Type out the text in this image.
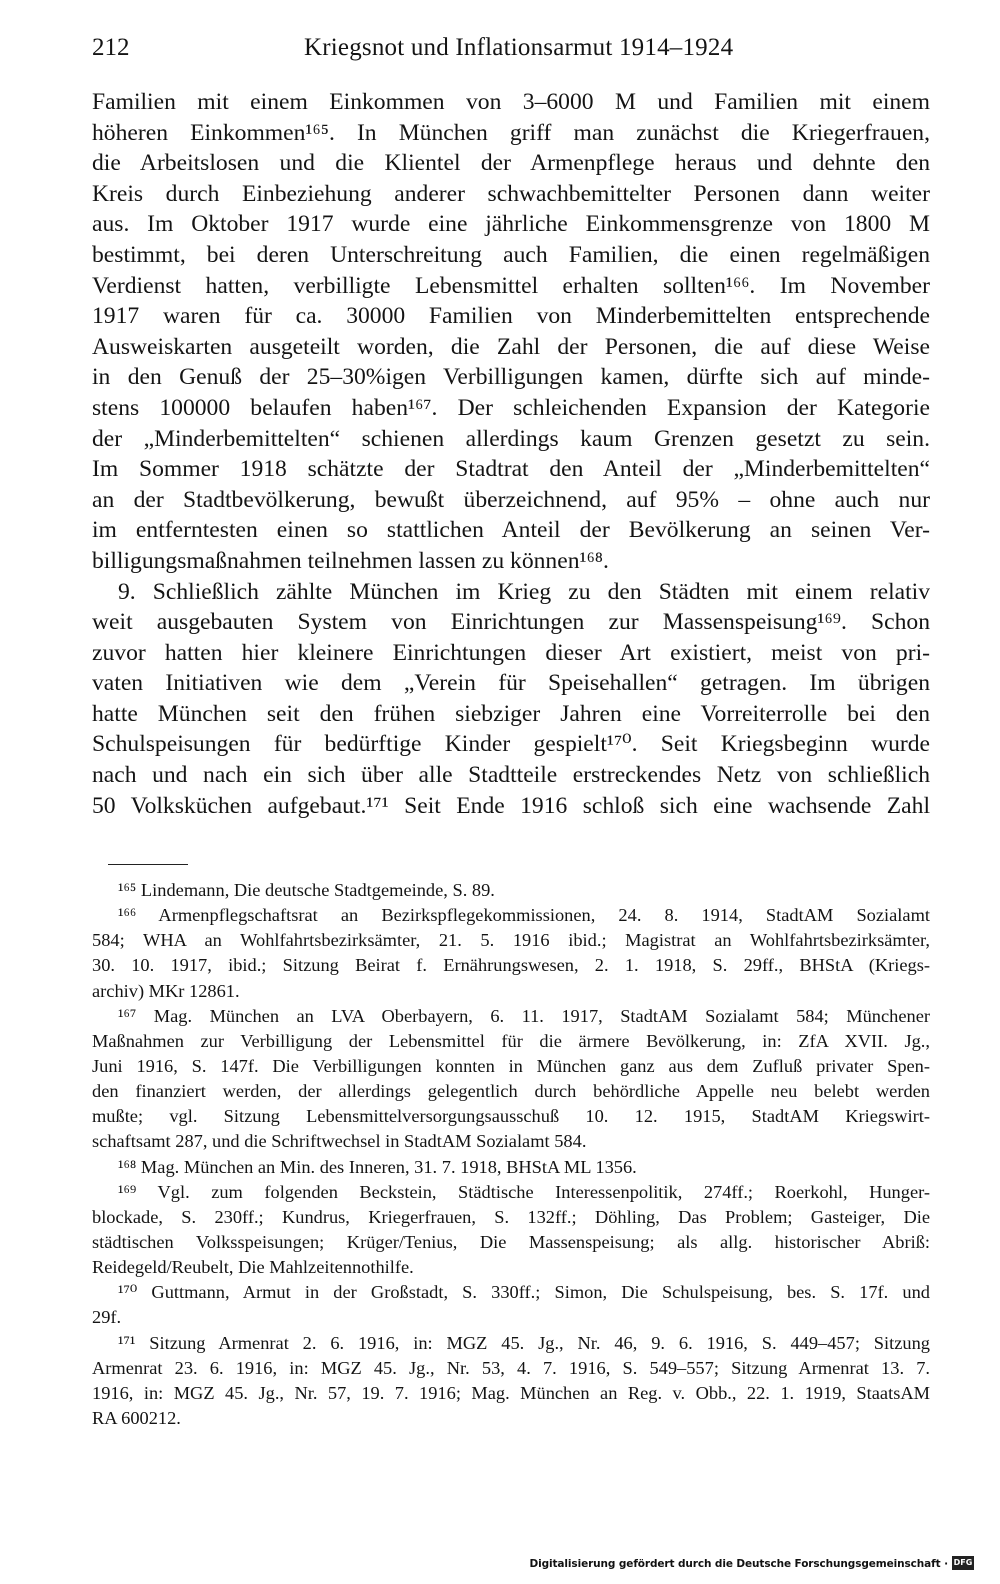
212	Kriegsnot und Inflationsarmut 1914–1924
Familien mit einem Einkommen von 3–6000 M und Familien mit einem
höheren Einkommen¹⁶⁵. In München griff man zunächst die Kriegerfrauen,
die Arbeitslosen und die Klientel der Armenpflege heraus und dehnte den
Kreis durch Einbeziehung anderer schwachbemittelter Personen dann weiter
aus. Im Oktober 1917 wurde eine jährliche Einkommensgrenze von 1800 M
bestimmt, bei deren Unterschreitung auch Familien, die einen regelmäßigen
Verdienst hatten, verbilligte Lebensmittel erhalten sollten¹⁶⁶. Im November
1917 waren für ca. 30000 Familien von Minderbemittelten entsprechende
Ausweiskarten ausgeteilt worden, die Zahl der Personen, die auf diese Weise
in den Genuß der 25–30%igen Verbilligungen kamen, dürfte sich auf minde-
stens 100000 belaufen haben¹⁶⁷. Der schleichenden Expansion der Kategorie
der „Minderbemittelten“ schienen allerdings kaum Grenzen gesetzt zu sein.
Im Sommer 1918 schätzte der Stadtrat den Anteil der „Minderbemittelten“
an der Stadtbevölkerung, bewußt überzeichnend, auf 95% – ohne auch nur
im entferntesten einen so stattlichen Anteil der Bevölkerung an seinen Ver-
billigungsmaßnahmen teilnehmen lassen zu können¹⁶⁸.
9. Schließlich zählte München im Krieg zu den Städten mit einem relativ
weit ausgebauten System von Einrichtungen zur Massenspeisung¹⁶⁹. Schon
zuvor hatten hier kleinere Einrichtungen dieser Art existiert, meist von pri-
vaten Initiativen wie dem „Verein für Speisehallen“ getragen. Im übrigen
hatte München seit den frühen siebziger Jahren eine Vorreiterrolle bei den
Schulspeisungen für bedürftige Kinder gespielt¹⁷⁰. Seit Kriegsbeginn wurde
nach und nach ein sich über alle Stadtteile erstreckendes Netz von schließlich
50 Volksküchen aufgebaut.¹⁷¹ Seit Ende 1916 schloß sich eine wachsende Zahl
¹⁶⁵ Lindemann, Die deutsche Stadtgemeinde, S. 89.
¹⁶⁶ Armenpflegschaftsrat an Bezirkspflegekommissionen, 24. 8. 1914, StadtAM Sozialamt
584; WHA an Wohlfahrtsbezirksämter, 21. 5. 1916 ibid.; Magistrat an Wohlfahrtsbezirksämter,
30. 10. 1917, ibid.; Sitzung Beirat f. Ernährungswesen, 2. 1. 1918, S. 29ff., BHStA (Kriegs-
archiv) MKr 12861.
¹⁶⁷ Mag. München an LVA Oberbayern, 6. 11. 1917, StadtAM Sozialamt 584; Münchener
Maßnahmen zur Verbilligung der Lebensmittel für die ärmere Bevölkerung, in: ZfA XVII. Jg.,
Juni 1916, S. 147f. Die Verbilligungen konnten in München ganz aus dem Zufluß privater Spen-
den finanziert werden, der allerdings gelegentlich durch behördliche Appelle neu belebt werden
mußte; vgl. Sitzung Lebensmittelversorgungsausschuß 10. 12. 1915, StadtAM Kriegswirt-
schaftsamt 287, und die Schriftwechsel in StadtAM Sozialamt 584.
¹⁶⁸ Mag. München an Min. des Inneren, 31. 7. 1918, BHStA ML 1356.
¹⁶⁹ Vgl. zum folgenden Beckstein, Städtische Interessenpolitik, 274ff.; Roerkohl, Hunger-
blockade, S. 230ff.; Kundrus, Kriegerfrauen, S. 132ff.; Döhling, Das Problem; Gasteiger, Die
städtischen Volksspeisungen; Krüger/Tenius, Die Massenspeisung; als allg. historischer Abriß:
Reidegeld/Reubelt, Die Mahlzeitennothilfe.
¹⁷⁰ Guttmann, Armut in der Großstadt, S. 330ff.; Simon, Die Schulspeisung, bes. S. 17f. und
29f.
¹⁷¹ Sitzung Armenrat 2. 6. 1916, in: MGZ 45. Jg., Nr. 46, 9. 6. 1916, S. 449–457; Sitzung
Armenrat 23. 6. 1916, in: MGZ 45. Jg., Nr. 53, 4. 7. 1916, S. 549–557; Sitzung Armenrat 13. 7.
1916, in: MGZ 45. Jg., Nr. 57, 19. 7. 1916; Mag. München an Reg. v. Obb., 22. 1. 1919, StaatsAM
RA 600212.
Digitalisierung gefördert durch die Deutsche Forschungsgemeinschaft · DFG
